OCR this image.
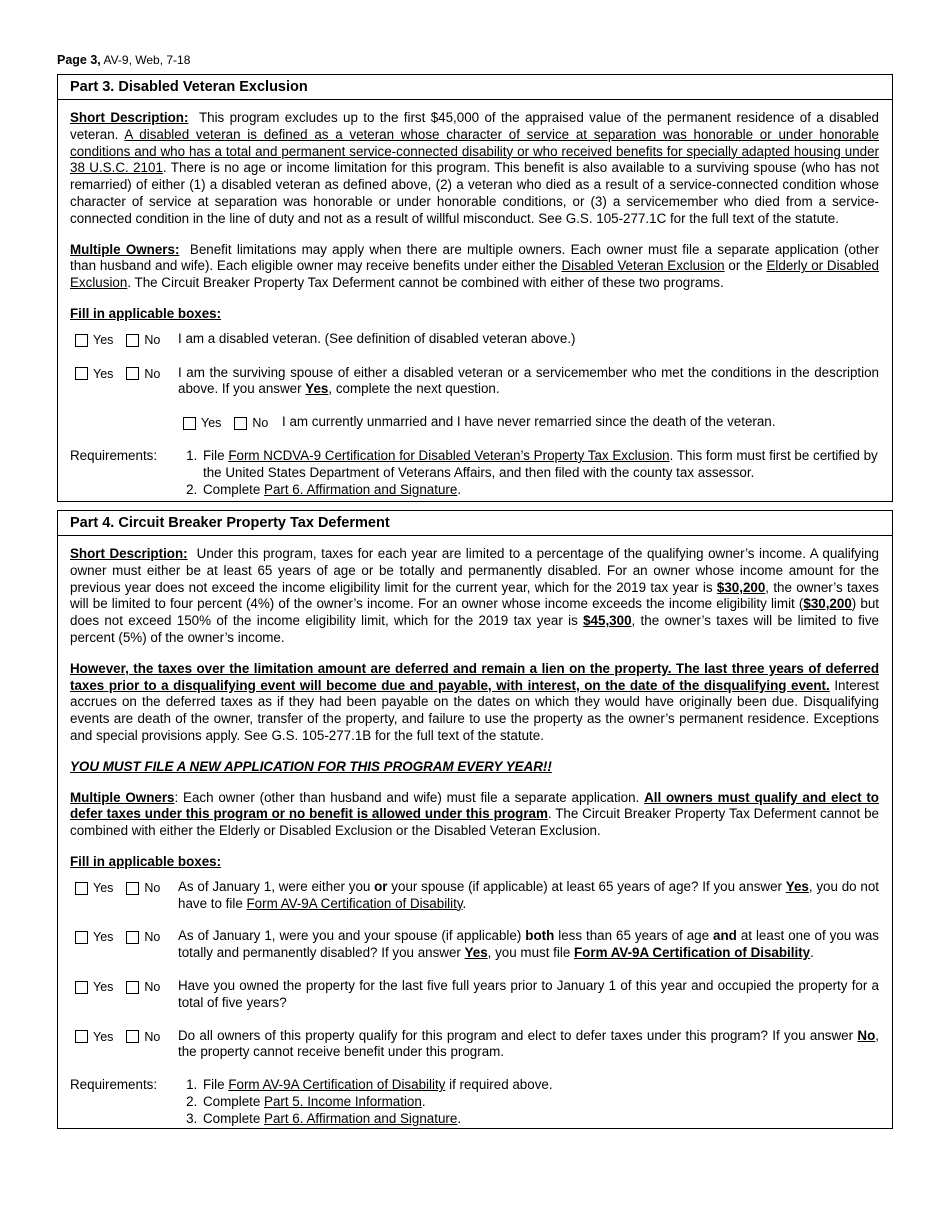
Page 3, AV-9, Web, 7-18
Part 3. Disabled Veteran Exclusion

Short Description: This program excludes up to the first $45,000 of the appraised value of the permanent residence of a disabled veteran. A disabled veteran is defined as a veteran whose character of service at separation was honorable or under honorable conditions and who has a total and permanent service-connected disability or who received benefits for specially adapted housing under 38 U.S.C. 2101. There is no age or income limitation for this program. This benefit is also available to a surviving spouse (who has not remarried) of either (1) a disabled veteran as defined above, (2) a veteran who died as a result of a service-connected condition whose character of service at separation was honorable or under honorable conditions, or (3) a servicemember who died from a service-connected condition in the line of duty and not as a result of willful misconduct. See G.S. 105-277.1C for the full text of the statute.

Multiple Owners: Benefit limitations may apply when there are multiple owners. Each owner must file a separate application (other than husband and wife). Each eligible owner may receive benefits under either the Disabled Veteran Exclusion or the Elderly or Disabled Exclusion. The Circuit Breaker Property Tax Deferment cannot be combined with either of these two programs.

Fill in applicable boxes:

Yes No I am a disabled veteran. (See definition of disabled veteran above.)
Yes No I am the surviving spouse of either a disabled veteran or a servicemember who met the conditions in the description above. If you answer Yes, complete the next question.
Yes No I am currently unmarried and I have never remarried since the death of the veteran.
Requirements:	1. File Form NCDVA-9 Certification for Disabled Veteran’s Property Tax Exclusion. This form must first be certified by the United States Department of Veterans Affairs, and then filed with the county tax assessor.
2. Complete Part 6. Affirmation and Signature.
Part 4. Circuit Breaker Property Tax Deferment

Short Description: Under this program, taxes for each year are limited to a percentage of the qualifying owner’s income. A qualifying owner must either be at least 65 years of age or be totally and permanently disabled. For an owner whose income amount for the previous year does not exceed the income eligibility limit for the current year, which for the 2019 tax year is $30,200, the owner’s taxes will be limited to four percent (4%) of the owner’s income. For an owner whose income exceeds the income eligibility limit ($30,200) but does not exceed 150% of the income eligibility limit, which for the 2019 tax year is $45,300, the owner’s taxes will be limited to five percent (5%) of the owner’s income.

However, the taxes over the limitation amount are deferred and remain a lien on the property. The last three years of deferred taxes prior to a disqualifying event will become due and payable, with interest, on the date of the disqualifying event. Interest accrues on the deferred taxes as if they had been payable on the dates on which they would have originally been due. Disqualifying events are death of the owner, transfer of the property, and failure to use the property as the owner’s permanent residence. Exceptions and special provisions apply. See G.S. 105-277.1B for the full text of the statute.

YOU MUST FILE A NEW APPLICATION FOR THIS PROGRAM EVERY YEAR!!

Multiple Owners: Each owner (other than husband and wife) must file a separate application. All owners must qualify and elect to defer taxes under this program or no benefit is allowed under this program. The Circuit Breaker Property Tax Deferment cannot be combined with either the Elderly or Disabled Exclusion or the Disabled Veteran Exclusion.

Fill in applicable boxes:

Yes No As of January 1, were either you or your spouse (if applicable) at least 65 years of age? If you answer Yes, you do not have to file Form AV-9A Certification of Disability.
Yes No As of January 1, were you and your spouse (if applicable) both less than 65 years of age and at least one of you was totally and permanently disabled? If you answer Yes, you must file Form AV-9A Certification of Disability.
Yes No Have you owned the property for the last five full years prior to January 1 of this year and occupied the property for a total of five years?
Yes No Do all owners of this property qualify for this program and elect to defer taxes under this program? If you answer No, the property cannot receive benefit under this program.
Requirements:	1. File Form AV-9A Certification of Disability if required above.
2. Complete Part 5. Income Information.
3. Complete Part 6. Affirmation and Signature.
